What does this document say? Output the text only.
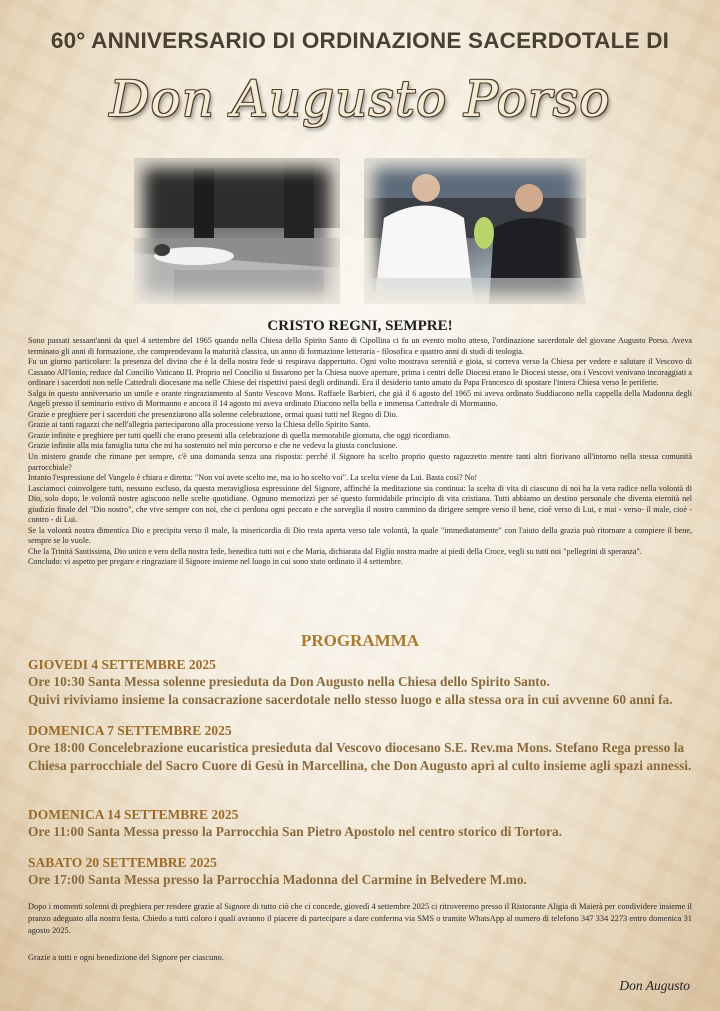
60° ANNIVERSARIO DI ORDINAZIONE SACERDOTALE DI
Don Augusto Porso
CRISTO REGNI, SEMPRE!

Sono passati sessant'anni da quel 4 settembre del 1965 quando nella Chiesa dello Spirito Santo di Cipollina ci fu un evento molto atteso, l'ordinazione sacerdotale del giovane Augusto Porso. Aveva terminato gli anni di formazione, che comprendevano la maturità classica, un anno di formazione letteraria - filosofica e quattro anni di studi di teologia.

Fu un giorno particolare: la presenza del divino che è la della nostra fede si respirava dappertutto. Ogni volto mostrava serenità e gioia, si correva verso la Chiesa per vedere e salutare il Vescovo di Cassano All'Ionio, reduce dal Concilio Vaticano II. Proprio nel Concilio si fissarono per la Chiesa nuove aperture, prima i centri delle Diocesi erano le Diocesi stesse, ora i Vescovi venivano incoraggiati a ordinare i sacerdoti non nelle Cattedrali diocesane ma nelle Chiese dei rispettivi paesi degli ordinandi. Era il desiderio tanto amato da Papa Francesco di spostare l'intera Chiesa verso le periferie.

Salga in questo anniversario un umile e orante ringraziamento al Santo Vescovo Mons. Raffaele Barbieri, che già il 6 agosto del 1965 mi aveva ordinato Suddiacono nella cappella della Madonna degli Angeli presso il seminario estivo di Mormanno e ancora il 14 agosto mi aveva ordinato Diacono nella bella e immensa Cattedrale di Mormanno.

Grazie e preghiere per i sacerdoti che presenziarono alla solenne celebrazione, ormai quasi tutti nel Regno di Dio.

Grazie ai tanti ragazzi che nell'allegria parteciparono alla processione verso la Chiesa dello Spirito Santo.

Grazie infinite e preghiere per tutti quelli che erano presenti alla celebrazione di quella memorabile giornata, che oggi ricordiamo.

Grazie infinite alla mia famiglia tutta che mi ha sostenuto nel mio percorso e che ne vedeva la giusta conclusione.

Un mistero grande che rimane per sempre, c'è una domanda senza una risposta: perché il Signore ha scelto proprio questo ragazzetto mentre tanti altri fiorivano all'intorno nella stessa comunità parrocchiale?

Intanto l'espressione del Vangelo è chiara e diretta: "Non voi avete scelto me, ma io ho scelto voi". La scelta viene da Lui. Basta così? No!

Lasciamoci coinvolgere tutti, nessuno escluso, da questa meravigliosa espressione del Signore, affinché la meditazione sia continua: la scelta di vita di ciascuno di noi ha la vera radice nella volontà di Dio, solo dopo, le volontà nostre agiscono nelle scelte quotidiane. Ognuno memorizzi per sé questo formidabile principio di vita cristiana. Tutti abbiamo un destino personale che diventa eternità nel giudizio finale del "Dio nostro", che vive sempre con noi, che ci perdona ogni peccato e che sorveglia il nostro cammino da dirigere sempre verso il bene, cioè verso di Lui, e mai - verso- il male, cioè - contro - di Lui.

Se la volontà nostra dimentica Dio e precipita verso il male, la misericordia di Dio resta aperta verso tale volontà, la quale "immediatamente" con l'aiuto della grazia può ritornare a compiere il bene, sempre se lo vuole.

Che la Trinità Santissima, Dio unico e vero della nostra fede, benedica tutti noi e che Maria, dichiarata dal Figlio nostra madre ai piedi della Croce, vegli su tutti noi "pellegrini di speranza".

Concludo: vi aspetto per pregare e ringraziare il Signore insieme nel luogo in cui sono stato ordinato il 4 settembre.

PROGRAMMA
GIOVEDI 4 SETTEMBRE 2025
Ore 10:30 Santa Messa solenne presieduta da Don Augusto nella Chiesa dello Spirito Santo.
Quivi riviviamo insieme la consacrazione sacerdotale nello stesso luogo e alla stessa ora in cui avvenne 60 anni fa.
DOMENICA 7 SETTEMBRE 2025
Ore 18:00 Concelebrazione eucaristica presieduta dal Vescovo diocesano S.E. Rev.ma Mons. Stefano Rega presso la Chiesa parrocchiale del Sacro Cuore di Gesù in Marcellina, che Don Augusto aprì al culto insieme agli spazi annessi.
DOMENICA 14 SETTEMBRE 2025
Ore 11:00 Santa Messa presso la Parrocchia San Pietro Apostolo nel centro storico di Tortora.
SABATO 20 SETTEMBRE 2025
Ore 17:00 Santa Messa presso la Parrocchia Madonna del Carmine in Belvedere M.mo.
Dopo i momenti solenni di preghiera per rendere grazie al Signore di tutto ciò che ci concede, giovedì 4 settembre 2025 ci ritroveremo presso il Ristorante Aligia di Maierà per condividere insieme il pranzo adeguato alla nostra festa. Chiedo a tutti coloro i quali avranno il piacere di partecipare a dare conferma via SMS o tramite WhatsApp al numero di telefono 347 334 2273 entro domenica 31 agosto 2025.
Grazie a tutti e ogni benedizione del Signore per ciascuno.
Don Augusto
